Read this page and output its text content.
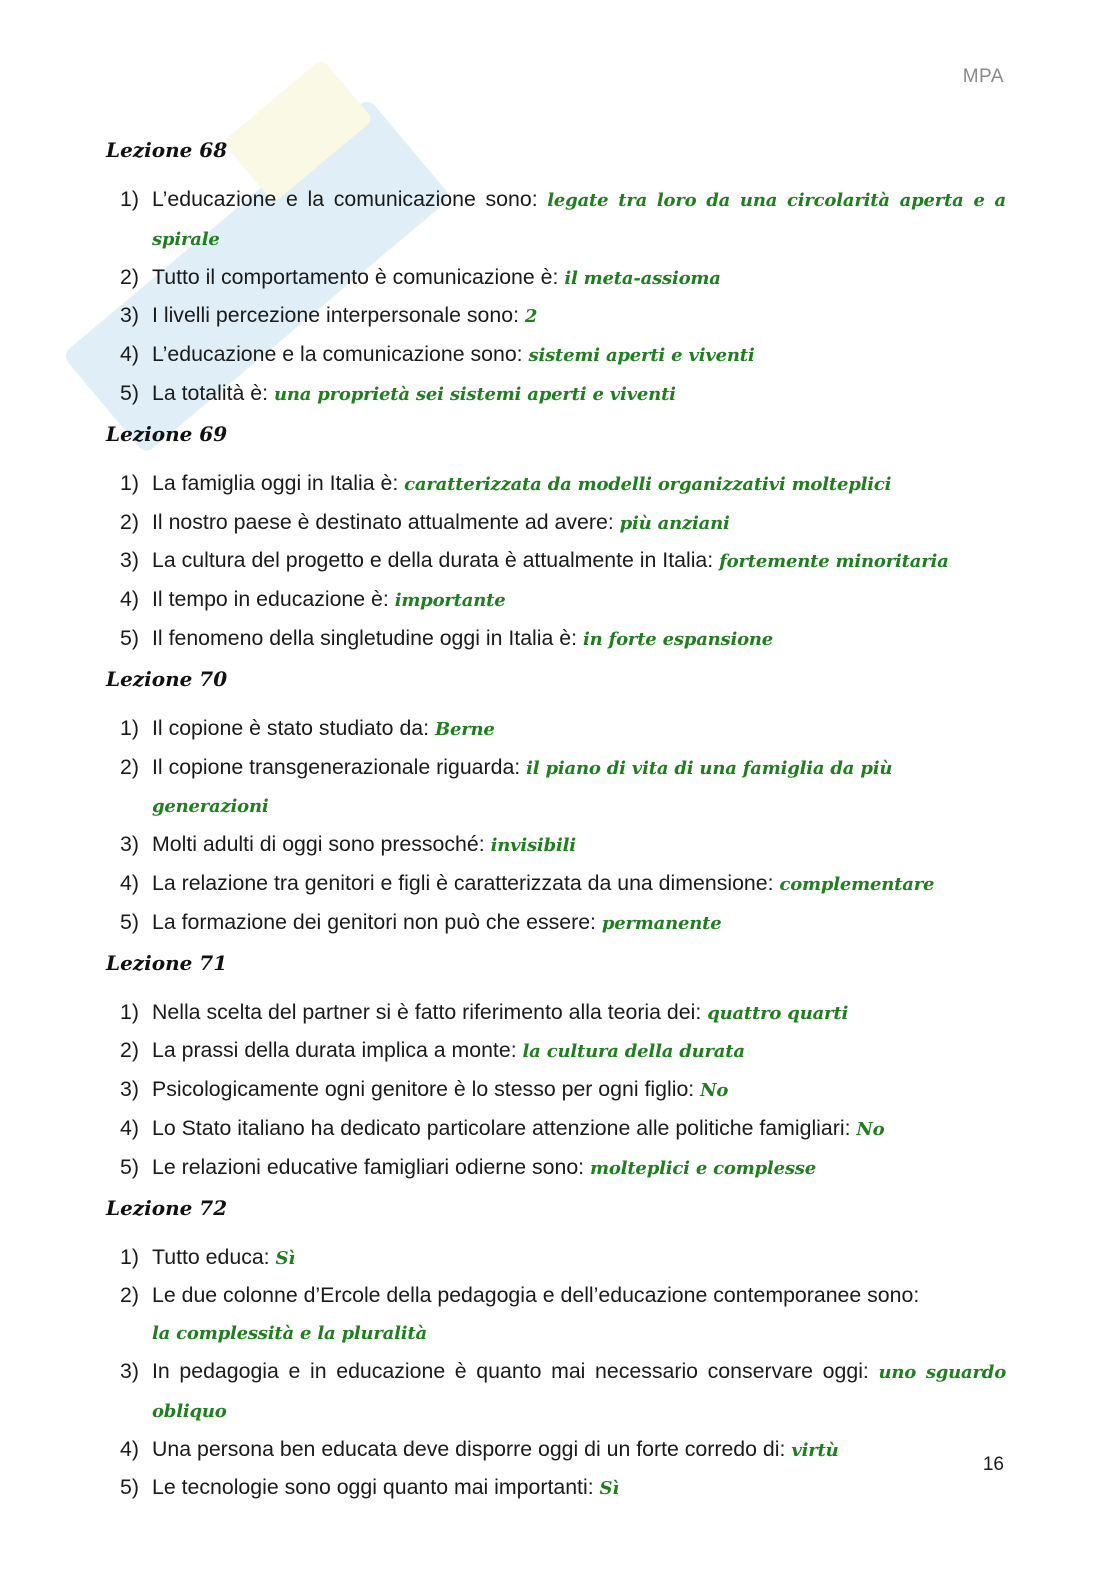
MPA
Lezione 68
1) L’educazione e la comunicazione sono: legate tra loro da una circolarità aperta e a spirale
2) Tutto il comportamento è comunicazione è: il meta-assioma
3) I livelli percezione interpersonale sono: 2
4) L’educazione e la comunicazione sono: sistemi aperti e viventi
5) La totalità è: una proprietà sei sistemi aperti e viventi
Lezione 69
1) La famiglia oggi in Italia è: caratterizzata da modelli organizzativi molteplici
2) Il nostro paese è destinato attualmente ad avere: più anziani
3) La cultura del progetto e della durata è attualmente in Italia: fortemente minoritaria
4) Il tempo in educazione è: importante
5) Il fenomeno della singletudine oggi in Italia è: in forte espansione
Lezione 70
1) Il copione è stato studiato da: Berne
2) Il copione transgenerazionale riguarda: il piano di vita di una famiglia da più generazioni
3) Molti adulti di oggi sono pressoché: invisibili
4) La relazione tra genitori e figli è caratterizzata da una dimensione: complementare
5) La formazione dei genitori non può che essere: permanente
Lezione 71
1) Nella scelta del partner si è fatto riferimento alla teoria dei: quattro quarti
2) La prassi della durata implica a monte: la cultura della durata
3) Psicologicamente ogni genitore è lo stesso per ogni figlio: No
4) Lo Stato italiano ha dedicato particolare attenzione alle politiche famigliari: No
5) Le relazioni educative famigliari odierne sono: molteplici e complesse
Lezione 72
1) Tutto educa: Sì
2) Le due colonne d’Ercole della pedagogia e dell’educazione contemporanee sono:
la complessità e la pluralità
3) In pedagogia e in educazione è quanto mai necessario conservare oggi: uno sguardo obliquo
4) Una persona ben educata deve disporre oggi di un forte corredo di: virtù
5) Le tecnologie sono oggi quanto mai importanti: Sì
16
